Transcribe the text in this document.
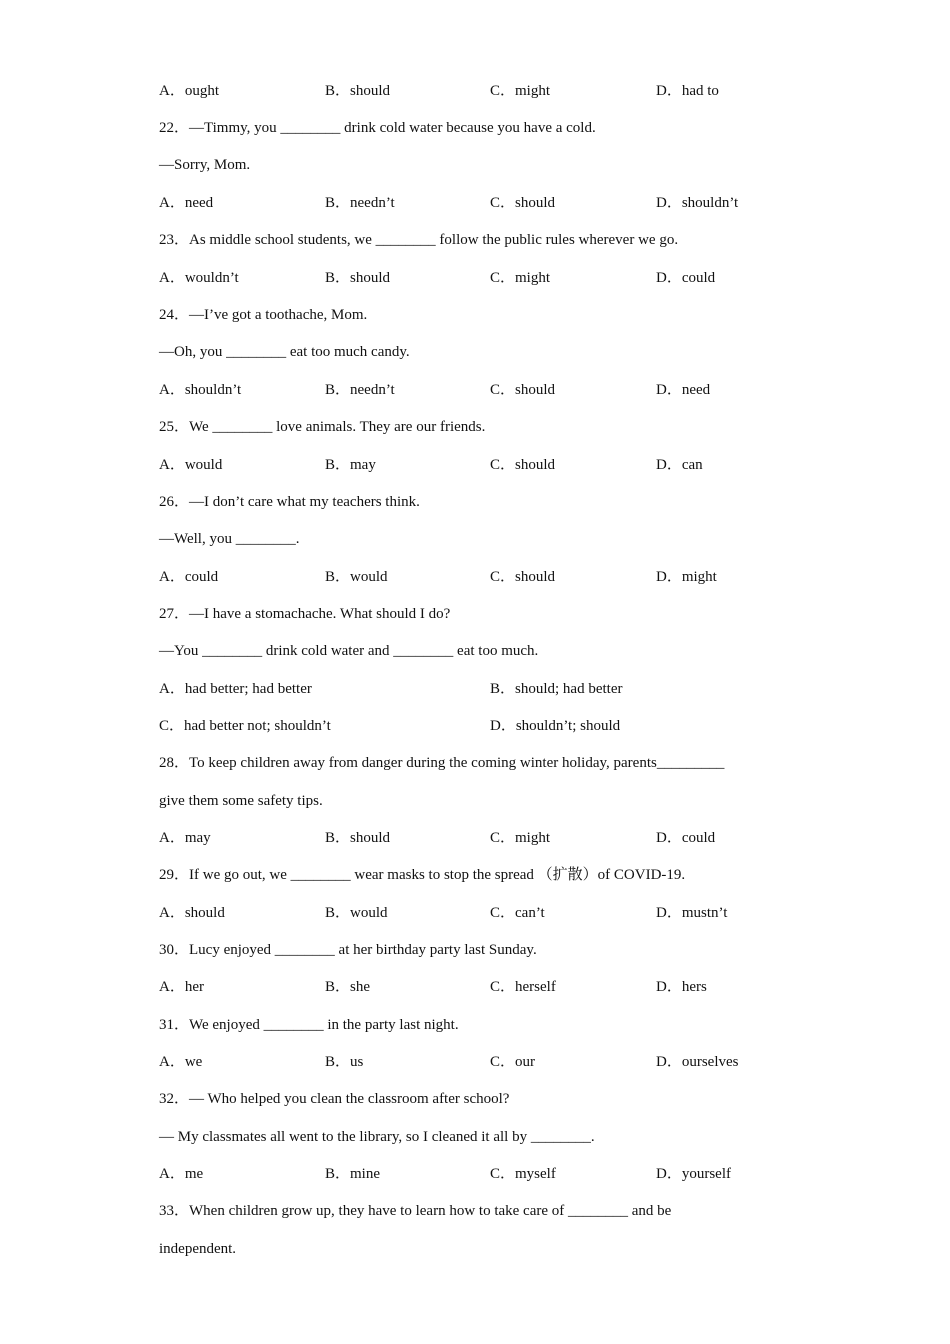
A．ought	B．should	C．might	D．had to
22．—Timmy, you ________ drink cold water because you have a cold.
—Sorry, Mom.
A．need	B．needn’t	C．should	D．shouldn’t
23．As middle school students, we ________ follow the public rules wherever we go.
A．wouldn’t	B．should	C．might	D．could
24．—I’ve got a toothache, Mom.
—Oh, you ________ eat too much candy.
A．shouldn’t	B．needn’t	C．should	D．need
25．We ________ love animals. They are our friends.
A．would	B．may	C．should	D．can
26．—I don’t care what my teachers think.
—Well, you ________.
A．could	B．would	C．should	D．might
27．—I have a stomachache. What should I do?
—You ________ drink cold water and ________ eat too much.
A．had better; had better	B．should; had better
C．had better not; shouldn’t	D．shouldn’t; should
28．To keep children away from danger during the coming winter holiday, parents_________
give them some safety tips.
A．may	B．should	C．might	D．could
29．If we go out, we ________ wear masks to stop the spread （扩散）of COVID-19.
A．should	B．would	C．can’t	D．mustn’t
30．Lucy enjoyed ________ at her birthday party last Sunday.
A．her	B．she	C．herself	D．hers
31．We enjoyed ________ in the party last night.
A．we	B．us	C．our	D．ourselves
32．— Who helped you clean the classroom after school?
— My classmates all went to the library, so I cleaned it all by ________.
A．me	B．mine	C．myself	D．yourself
33．When children grow up, they have to learn how to take care of ________ and be
independent.
